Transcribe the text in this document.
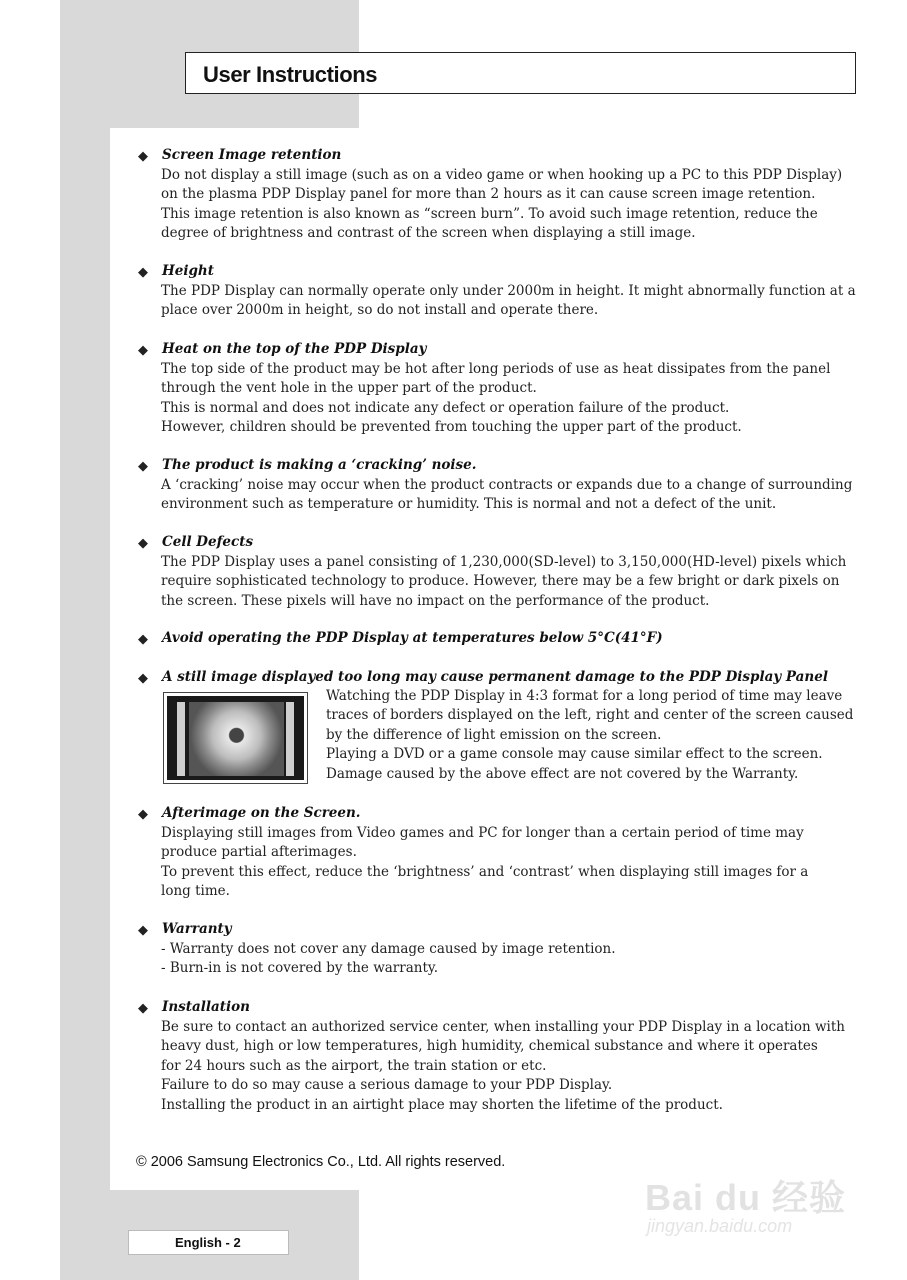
User Instructions
◆ Screen Image retention
Do not display a still image (such as on a video game or when hooking up a PC to this PDP Display)
on the plasma PDP Display panel for more than 2 hours as it can cause screen image retention.
This image retention is also known as “screen burn”. To avoid such image retention, reduce the
degree of brightness and contrast of the screen when displaying a still image.
◆ Height
The PDP Display can normally operate only under 2000m in height. It might abnormally function at a
place over 2000m in height, so do not install and operate there.
◆ Heat on the top of the PDP Display
The top side of the product may be hot after long periods of use as heat dissipates from the panel
through the vent hole in the upper part of the product.
This is normal and does not indicate any defect or operation failure of the product.
However, children should be prevented from touching the upper part of the product.
◆ The product is making a ‘cracking’ noise.
A ‘cracking’ noise may occur when the product contracts or expands due to a change of surrounding
environment such as temperature or humidity. This is normal and not a defect of the unit.
◆ Cell Defects
The PDP Display uses a panel consisting of 1,230,000(SD-level) to 3,150,000(HD-level) pixels which
require sophisticated technology to produce. However, there may be a few bright or dark pixels on
the screen. These pixels will have no impact on the performance of the product.
◆ Avoid operating the PDP Display at temperatures below 5°C(41°F)
◆ A still image displayed too long may cause permanent damage to the PDP Display Panel
Watching the PDP Display in 4:3 format for a long period of time may leave
traces of borders displayed on the left, right and center of the screen caused
by the difference of light emission on the screen.
Playing a DVD or a game console may cause similar effect to the screen.
Damage caused by the above effect are not covered by the Warranty.
◆ Afterimage on the Screen.
Displaying still images from Video games and PC for longer than a certain period of time may
produce partial afterimages.
To prevent this effect, reduce the ‘brightness’ and ‘contrast’ when displaying still images for a
long time.
◆ Warranty
- Warranty does not cover any damage caused by image retention.
- Burn-in is not covered by the warranty.
◆ Installation
Be sure to contact an authorized service center, when installing your PDP Display in a location with
heavy dust, high or low temperatures, high humidity, chemical substance and where it operates
for 24 hours such as the airport, the train station or etc.
Failure to do so may cause a serious damage to your PDP Display.
Installing the product in an airtight place may shorten the lifetime of the product.
© 2006 Samsung Electronics Co., Ltd. All rights reserved.
English - 2
Bai du 经验
jingyan.baidu.com
